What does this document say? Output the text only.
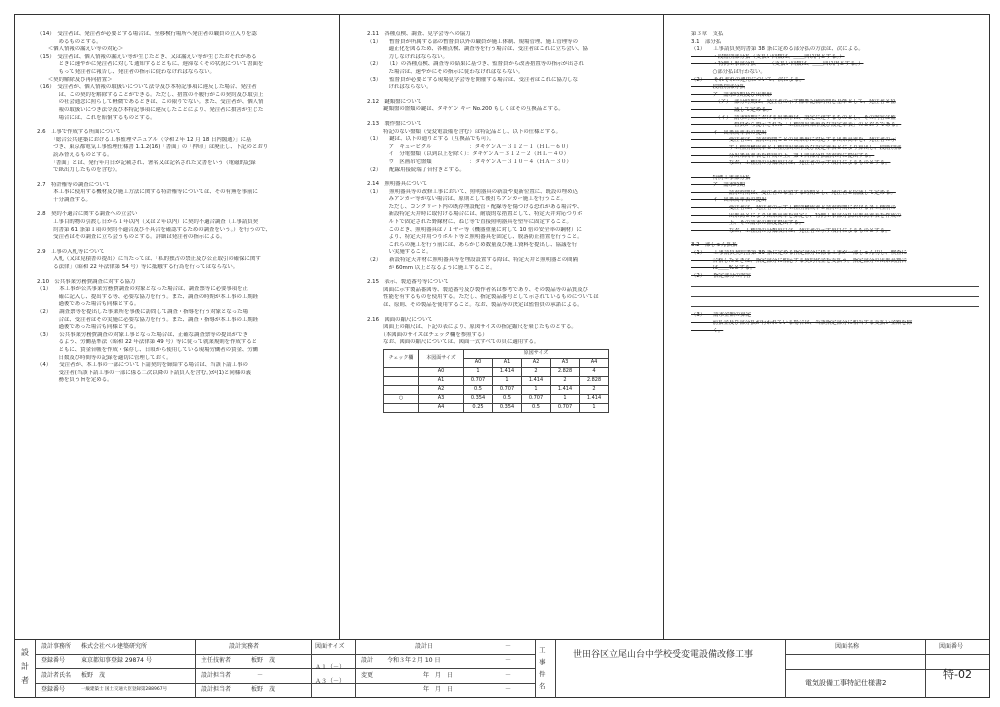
（14）　受注者は、発注者が必要とする場合は、至移検行場所へ発注者の職員の立入りを認
　　　　めるものとする。
　　＜個人情報の漏えい等の対応＞
（15）　受注者は、個人情報の漏えい等が生じたとき、又は漏えい等が生じたおそれがある
　　　　ときに速やかに発注者に対して通知するとともに、遅滞なくその状況について書面を
　　　　もって発注者に報告し、発注者の指示に従わなければならない。
　　＜契約解除及び再向措置＞
（16）　受注者が、個人情報の取扱いについて法令及び本特記事項に違反した場合、発注者
　　　　は、この契約を解除することができる。ただし、措置の不履行がこの契約及び取引上
　　　　の社会通念に照らして軽微であるときは、この限りでない。また、受注者が、個人情
　　　　報の取扱いにつき法令及び本特記事項に違反したことにより、発注者に損害が生じた
　　　　場合には、これを賠償するものとする。
2.6　工事で作成する所面について
　　　「総合公共建築における工事監理マニュアル（令和２年 12 月 18 日内閣通）」に基
　　　づき、東京都電気工事監理仕様書 1.1.2(16)「書面」の「押印」は廃止し、下記のとおり
　　　読み替えるものとする。
　　　「書面」とは、発行年月日が記載され、署名又は記名された文書をいう（電磁的記録
　　　で紙出力したものを含む）。
2.7　特許権等の調査について
　　　本工事に使用する機材及び施工方法に関する特許権等については、その有無を事前に
　　　十分調査する。
2.8　契約不適合に関する調査への立会い
　　　工事目的物の引渡し日から１年以内（又は２年以内）に契約不適合調査（工事請負契
　　　約書第 61 条第１項の契約不適合及び不具合を確認するための調査をいう。）を行うので、
　　　受注者はその調査に立ち会うものとする。詳細は発注者の指示による。
2.9　工事の入札等について
　　　入札（又は見積書の提出）に当たっては、「私的独占の禁止及び公正取引の確保に関す
　　　る法律」（昭和 22 年法律第 54 号）等に抵触する行為を行ってはならない。
2.10　公共事業労務費調査に対する協力
（1）　　本工事が公共事業労務費調査の対象となった場合は、調査票等に必要事項を正
　　　　確に記入し、提出する等、必要な協力を行う。また、調査の時期が本工事の工期経
　　　　過後であった場合も同様とする。
（2）　　調査票等を提出した事業所を事後に訪問して調査・指導を行う対象となった場
　　　　合は、受注者はその実施に必要な協力を行う。また、調査・指導が本工事の工期経
　　　　過後であった場合も同様とする。
（3）　　公共事業労務費調査の対象工事となった場合は、正確な調査票等の提出ができ
　　　　るよう、労働基準法（昭和 22 年法律第 49 号）等に従って就業規則を作成すると
　　　　ともに、賃金台帳を作成・保存し、日頃から使用している現場労働者の賃金、労働
　　　　日数及び時間等の記録を適切に管理しておく。
（4）　　受注者が、本工事の一部について下請契約を締結する場合は、当該下請工事の
　　　　受注者(当該下請工事の一部に係る二次以降の下請負人を含む。)が(1)と同様の義
　　　　務を負う旨を定める。
2.11　各種点検、調査、見学会等への協力
（1）　　暫督員が所属する部の暫督員以外の職員が施工体制、規場管理、施工管理等の
　　　　適正化を図るため、各種点検、調査等を行う場合は、受注者はこれに立ち会い、協
　　　　力しなければならない。
（2）　　（1）の各種点検、調査等の結果に基づき、監督員から改善措置等の指示が出され
　　　　た場合は、速やかにその指示に従わなければならない。
（3）　　監督員が必要とする現場見学会等を開催する場合は、受注者はこれに協力しな
　　　　ければならない。
2.12　鍵類盤について
　　　鍵類盤の盤類の鍵は、タキゲン キー No.200 もしくはその互換品とする。
2.13　製作盤について
　　　特記のない盤類（受変電設備を含む）は特記品とし、以下の仕様とする。
（1）　　鍵は、以下の通りとする（互換品でも可）。
　　　　ア　キュービクル　　　　　　　：タキゲンＡ－３１２－１（ＨＬ－６０）
　　　　イ　分電盤類（以到以上を除く）：タキゲンＡ－３１２－２（ＨＬ－４０）
　　　　ウ　区画吊宅盤類　　　　　　　：タキゲンＡ－３１０－４（ＨＡ－３０）
（2）　　配線用接続端了台付きとする。
2.14　照明器具について
（1）　　照明器具等の改修工事において、照明器具の新設や更新位置に、既設の埋め込
　　　　みアンカー等がない場合は、原則として後打ちアンカー施工を行うこと。
　　　　ただし、コンクリート内の既存埋設配管・配線等を傷つける恐れがある場合や、
　　　　新設特定天井時に取付ける場合には、耐震的な措置として、特定天井対応つりボ
　　　　ルトで固定された野縁材に、ねじ等で直接照明器具を堅牢に固定すること。
　　　　このとき、照明器具は７１ヤー等（機器重量に対して 10 倍の安全率の鋼材）に
　　　　より、特定天井用つりボルト等と照明器具を固定し、脱落防止措置を行うこと。
　　　　これらの施工を行う前には、あらかじめ数量及び施工資料を提出し、協議を行
　　　　い実施すること。
（2）　　新設特定天井材に照明器具等を埋設設置する際は、特定天井と照明器との間隔
　　　　が 60mm 以上となるように施工すること。
2.15　表示、製造番号等について
　　　図面に示す製品番図等、製造番号及び製作者名は参考であり、その製品等の品質及び
　　　性能を有するものを使用する。ただし、指定製品番号として示されているものについては
　　　は、原則、その製品を使用すること。なお、製品等の決定は監督員の承諾による。
2.16　図面の縮尺について
　　　図面上の縮尺は、下記の表により、原図サイズの指定縮尺を乗じたものとする。
　　　（本図面のサイズはチェック欄を参照する）
　　　なお、図面の縮尺については、図面一式すべての頁に適用する。
チェック欄	本図面サイズ	原図サイズ				
		A0	A1	A2	A3	A4
	A0	1	1.414	2	2.828	4
	A1	0.707	1	1.414	2	2.828
	A2	0.5	0.707	1	1.414	2
○	A3	0.354	0.5	0.707	1	1.414
	A4	0.25	0.354	0.5	0.707	1
第３章　支払
3.1　部分払
（1）　　工事請負契約書第 38 条に定める部分払の方法は、次による。
　　　　・段階別部分払（支払い回数は、＿＿回以内とする。）
　　　　・特例工事部分払　　　（支払い回数は、＿＿回以内とする。）
　　　　○部分払は行わない。
（2）　　それぞれの運用について、次による。
　　　　段階別部分払
　　　　ア　請求時期及び出来形
　　　　　（ア）　部分時期は、発注者の示す標準記載時期を基準として、発注者と協
　　　　　　　　議して定める。
　　　　　（イ）　請求時期における出来形は、設定に達するものとし、その内容は監
　　　　　　　　督員から提示された「工種別出来形及び設定率表」のとおりである。
　　　　イ　出来高率表の提出
　　　　　　　受注者は、請求時期ごとの出来形に対応する出来高率を、発注者の示
　　　　　　　す工種別構成率と工種別出来形及び設定率表とにより算出し、段階別部
　　　　　　　分出来高率表を作成の上、第１回部分払請求時に提出する。
　　　　　　　なお、工種別の分類項目は、発注者の示す項目によるものとする。
　　　　特例工事部分払
　　　　ア　請求時期
　　　　　　　請求時期は、受注者の希望する時期とし、発注者と協議して定める。
　　　　イ　出来高率表の提出
　　　　　　　受注者は、発注者の示す工種別構成率と請求時期における各工種別の
　　　　　　　出来高とにより出来高率を算定し、特例工事部分払出来高率表を作成の
　　　　　　　上、その請求の都度提出する。
　　　　　　　なお、工種別の分類項目は、発注者の示す項目によるものとする。
3.2　部しゅん払払
（1）　　工事請負契約書第 39 条に定める指定部分に係る工事が一部しゅん功し、検査に
　　　　合格したときは、指定部分に相応する契約代金を支払う。指定部分の出来高割合
　　　　は＿＿%とする。
（2）　　指定部分の内容
（3）　　請求金額の算定
　　　　前払金及び部分払が行われている場合は、当該指定部分に相当する支払い金額を除
　　　　く。
設計者
設計事務所 株式会社ベル建築研究所
登録番号	東京都知事登録 29874 号
設計者氏名 板野　茂
登録番号	一級建築士 国土交通大臣登録第288967号
設計実務者
主任技術者	板野　茂
設計担当者	－
設計担当者	板野　茂
図面サイズ
Ａ１（－）
Ａ３（－）
設計日	－
設計 令和３年２月 10 日	－
変更	年　月　日	－
年　月　日	－
工事件名
世田谷区立尾山台中学校受変電設備改修工事
図面名称
電気設備工事特記仕様書2
図面番号
特-02
